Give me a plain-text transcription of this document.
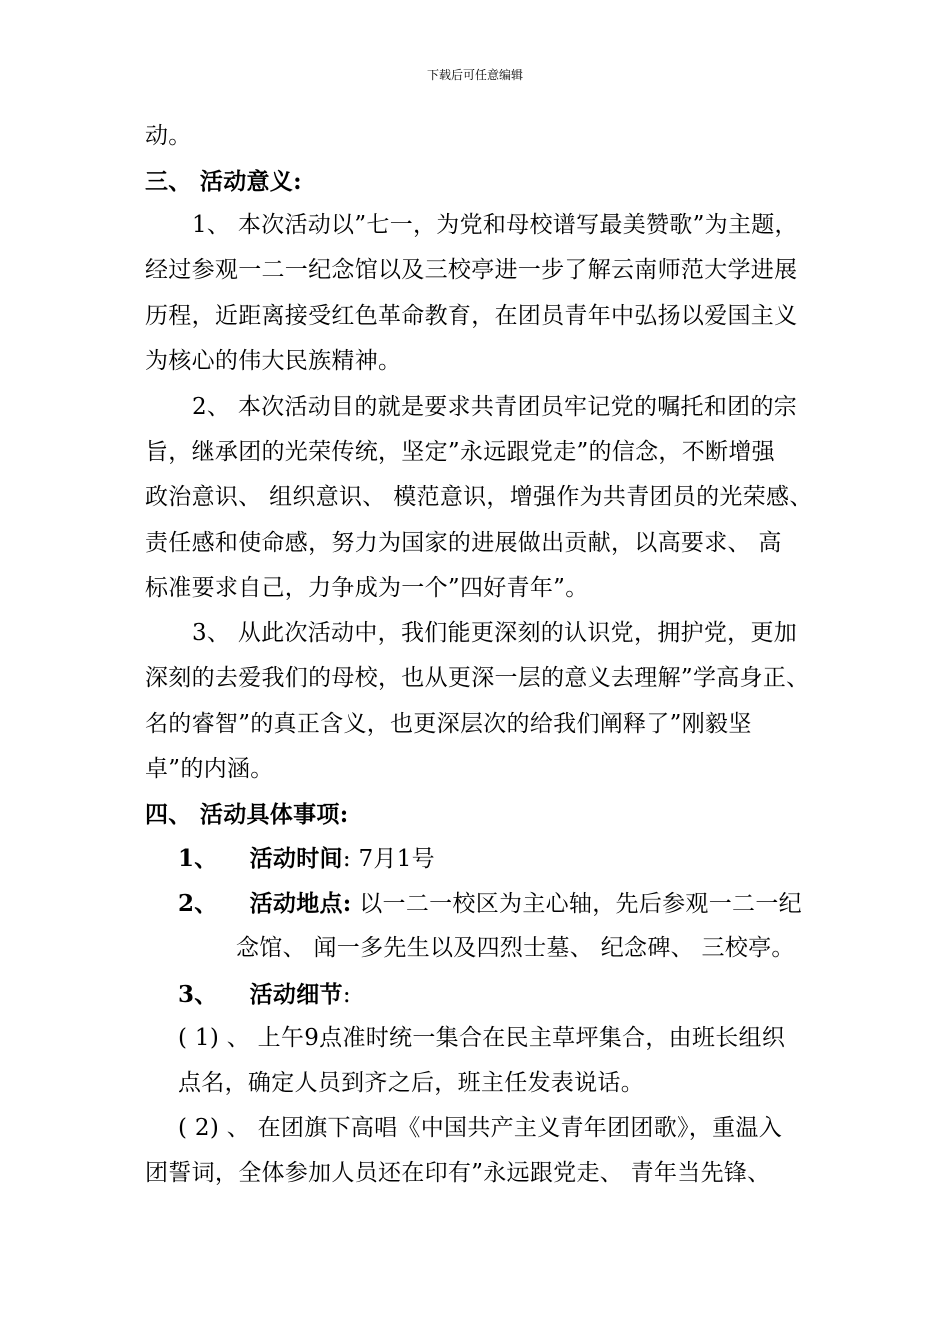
下载后可任意编辑
动。
三、 活动意义:
1、 本次活动以”七一，为党和母校谱写最美赞歌”为主题，
经过参观一二一纪念馆以及三校亭进一步了解云南师范大学进展
历程，近距离接受红色革命教育，在团员青年中弘扬以爱国主义
为核心的伟大民族精神。
2、 本次活动目的就是要求共青团员牢记党的嘱托和团的宗
旨，继承团的光荣传统，坚定”永远跟党走”的信念，不断增强
政治意识、 组织意识、 模范意识，增强作为共青团员的光荣感、
责任感和使命感，努力为国家的进展做出贡献，以高要求、 高
标准要求自己，力争成为一个”四好青年”。
3、 从此次活动中，我们能更深刻的认识党，拥护党，更加
深刻的去爱我们的母校，也从更深一层的意义去理解”学高身正、
名的睿智”的真正含义，也更深层次的给我们阐释了”刚毅坚
卓”的内涵。
四、 活动具体事项:
1、 活动时间: 7月1号
2、 活动地点: 以一二一校区为主心轴，先后参观一二一纪
念馆、 闻一多先生以及四烈士墓、 纪念碑、 三校亭。
3、 活动细节:
( 1) 、 上午9点准时统一集合在民主草坪集合，由班长组织
点名，确定人员到齐之后，班主任发表说话。
( 2) 、 在团旗下高唱《中国共产主义青年团团歌》，重温入
团誓词，全体参加人员还在印有”永远跟党走、 青年当先锋、
